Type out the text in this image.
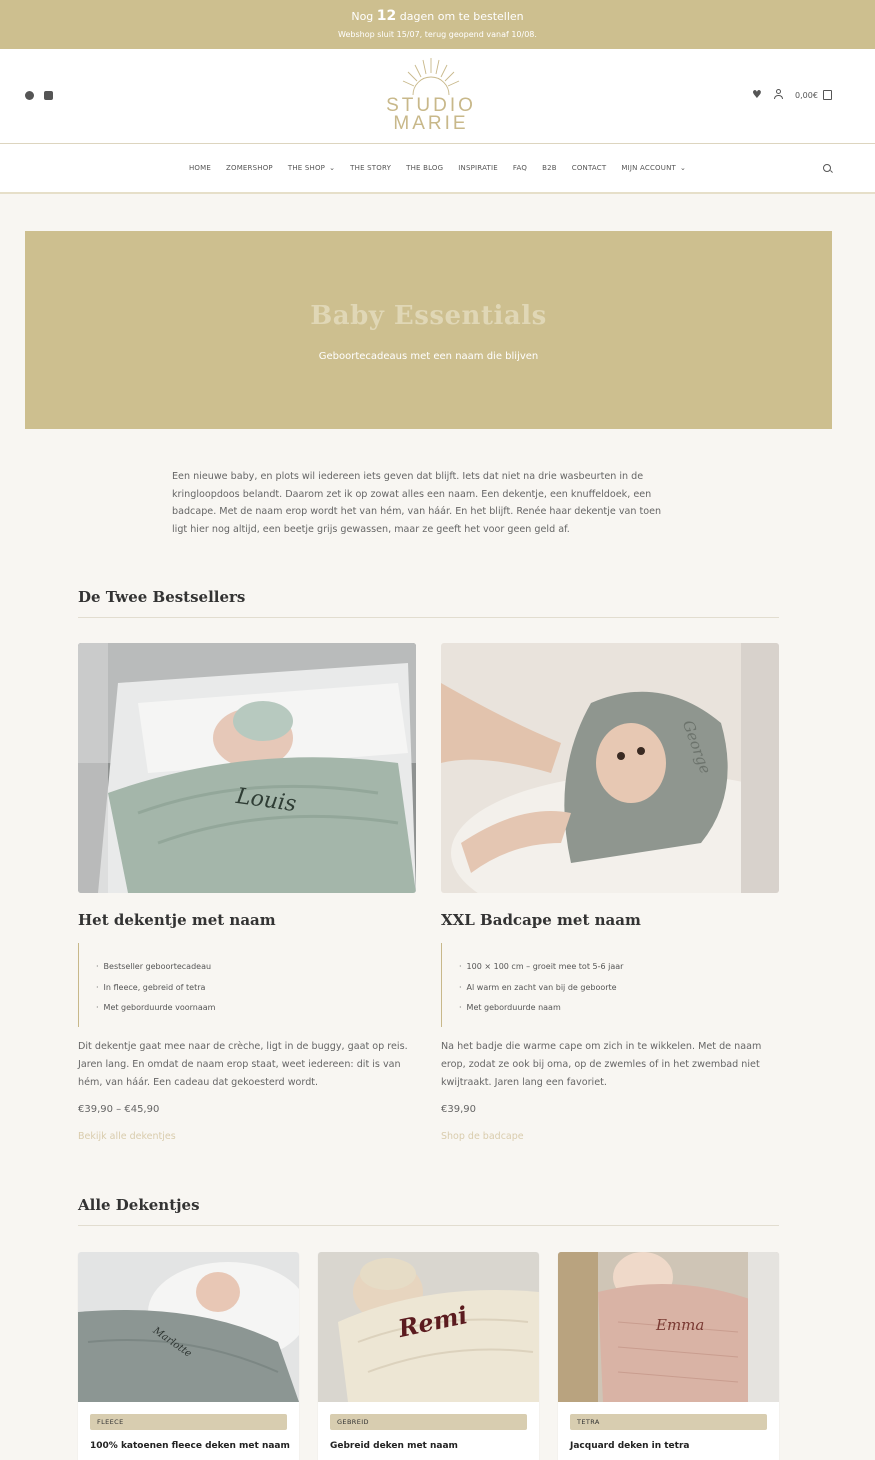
Nog 12 dagen om te bestellen
Webshop sluit 15/07, terug geopend vanaf 10/08.
STUDIO
MARIE
♥	0,00€
HOME ZOMERSHOP THE SHOP ⌄ THE STORY THE BLOG INSPIRATIE FAQ B2B CONTACT MIJN ACCOUNT ⌄
Baby Essentials

Geboortecadeaus met een naam die blijven

Een nieuwe baby, en plots wil iedereen iets geven dat blijft. Iets dat niet na drie wasbeurten in de kringloopdoos belandt. Daarom zet ik op zowat alles een naam. Een dekentje, een knuffeldoek, een badcape. Met de naam erop wordt het van hém, van háár. En het blijft. Renée haar dekentje van toen ligt hier nog altijd, een beetje grijs gewassen, maar ze geeft het voor geen geld af.

De Twee Bestsellers
Louis
George
Het dekentje met naam	XXL Badcape met naam
· Bestseller geboortecadeau
· In fleece, gebreid of tetra
· Met geborduurde voornaam
· 100 × 100 cm – groeit mee tot 5-6 jaar
· Al warm en zacht van bij de geboorte
· Met geborduurde naam

Dit dekentje gaat mee naar de crèche, ligt in de buggy, gaat op reis. Jaren lang. En omdat de naam erop staat, weet iedereen: dit is van hém, van háár. Een cadeau dat gekoesterd wordt.

Na het badje die warme cape om zich in te wikkelen. Met de naam erop, zodat ze ook bij oma, op de zwemles of in het zwembad niet kwijtraakt. Jaren lang een favoriet.

€39,90 – €45,90	€39,90
Bekijk alle dekentjes	Shop de badcape
Alle Dekentjes
Marlotte
FLEECE
100% katoenen fleece deken met naam
Remi
GEBREID
Gebreid deken met naam
Emma
TETRA
Jacquard deken in tetra
